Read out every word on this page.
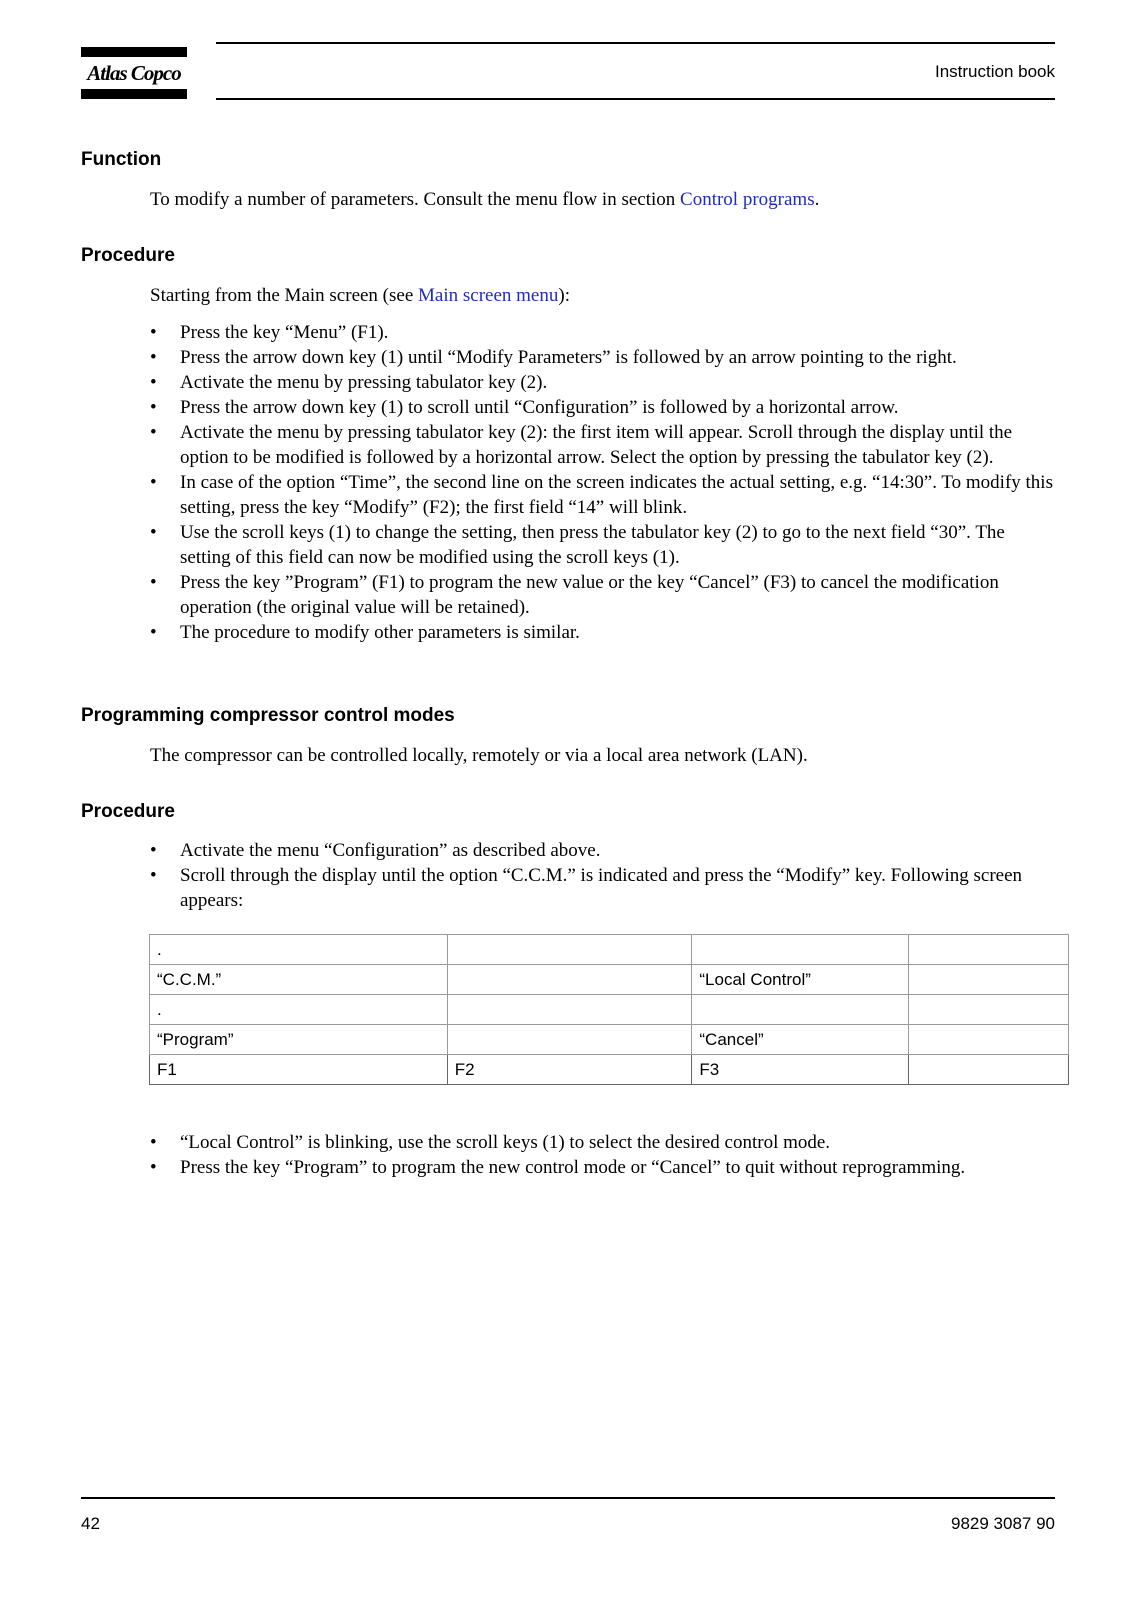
Atlas Copco	Instruction book
Function
To modify a number of parameters. Consult the menu flow in section Control programs.
Procedure
Starting from the Main screen (see Main screen menu):
• Press the key “Menu” (F1).
• Press the arrow down key (1) until “Modify Parameters” is followed by an arrow pointing to the right.
• Activate the menu by pressing tabulator key (2).
• Press the arrow down key (1) to scroll until “Configuration” is followed by a horizontal arrow.
• Activate the menu by pressing tabulator key (2): the first item will appear. Scroll through the display until the option to be modified is followed by a horizontal arrow. Select the option by pressing the tabulator key (2).
• In case of the option “Time”, the second line on the screen indicates the actual setting, e.g. “14:30”. To modify this setting, press the key “Modify” (F2); the first field “14” will blink.
• Use the scroll keys (1) to change the setting, then press the tabulator key (2) to go to the next field “30”. The setting of this field can now be modified using the scroll keys (1).
• Press the key ”Program” (F1) to program the new value or the key “Cancel” (F3) to cancel the modification operation (the original value will be retained).
• The procedure to modify other parameters is similar.
Programming compressor control modes
The compressor can be controlled locally, remotely or via a local area network (LAN).
Procedure
• Activate the menu “Configuration” as described above.
• Scroll through the display until the option “C.C.M.” is indicated and press the “Modify” key. Following screen appears:
.			
“C.C.M.”		“Local Control”	
.			
“Program”		“Cancel”	
F1	F2	F3	
• “Local Control” is blinking, use the scroll keys (1) to select the desired control mode.
• Press the key “Program” to program the new control mode or “Cancel” to quit without reprogramming.
42	9829 3087 90
